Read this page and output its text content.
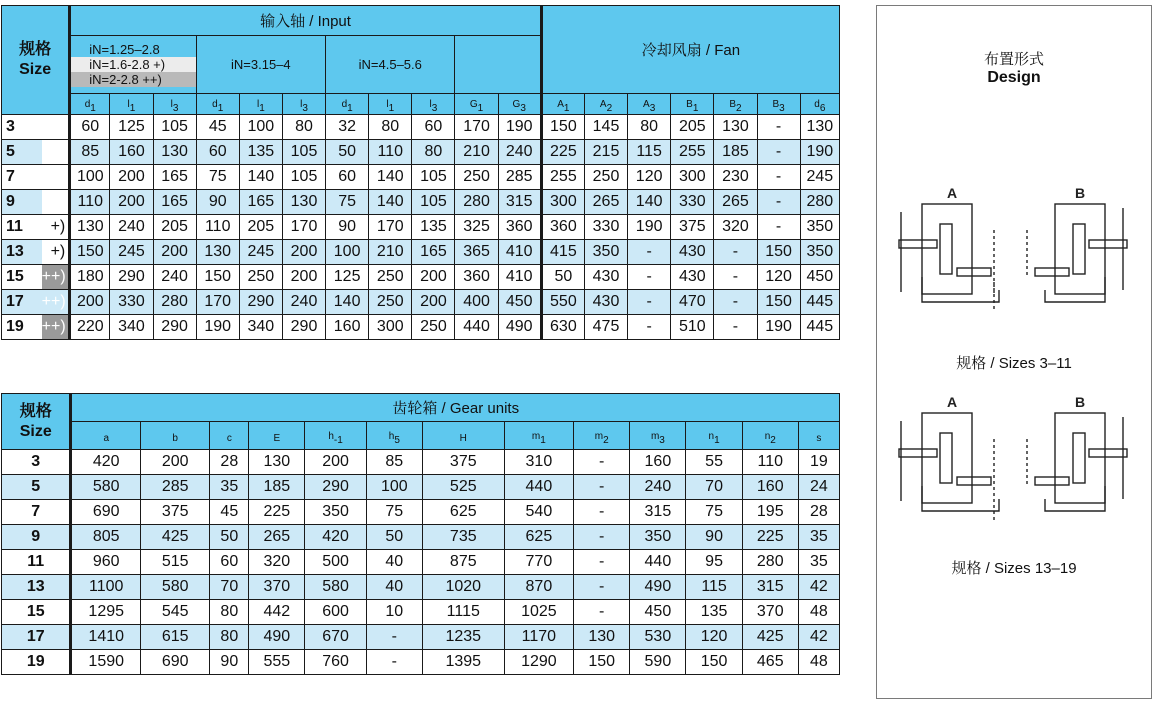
规格
Size		输入轴 / Input											冷却风扇 / Fan						

		iN=1.25–2.8
iN=1.6-2.8 +)
iN=2-2.8 ++)			iN=3.15–4			iN=4.5–5.6											
		$d_1$	$l_1$	$l_3$	$d_1$	$l_1$	$l_3$	$d_1$	$l_1$	$l_3$	$G_1$	$G_3$	$A_1$	$A_2$	$A_3$	$B_1$	$B_2$	$B_3$	$d_6$
3		60	125	105	45	100	80	32	80	60	170	190	150	145	80	205	130	-	130
5		85	160	130	60	135	105	50	110	80	210	240	225	215	115	255	185	-	190
7		100	200	165	75	140	105	60	140	105	250	285	255	250	120	300	230	-	245
9		110	200	165	90	165	130	75	140	105	280	315	300	265	140	330	265	-	280
11	+)	130	240	205	110	205	170	90	170	135	325	360	360	330	190	375	320	-	350
13	+)	150	245	200	130	245	200	100	210	165	365	410	415	350	-	430	-	150	350
15	++)	180	290	240	150	250	200	125	250	200	360	410	50	430	-	430	-	120	450
17	++)	200	330	280	170	290	240	140	250	200	400	450	550	430	-	470	-	150	445
19	++)	220	340	290	190	340	290	160	300	250	440	490	630	475	-	510	-	190	445
规格
Size	齿轮箱 / Gear units												
	a	b	c	E	$h_{-1}$	$h_5$	H	$m_1$	$m_2$	$m_3$	$n_1$	$n_2$	s
3	420	200	28	130	200	85	375	310	-	160	55	110	19
5	580	285	35	185	290	100	525	440	-	240	70	160	24
7	690	375	45	225	350	75	625	540	-	315	75	195	28
9	805	425	50	265	420	50	735	625	-	350	90	225	35
11	960	515	60	320	500	40	875	770	-	440	95	280	35
13	1100	580	70	370	580	40	1020	870	-	490	115	315	42
15	1295	545	80	442	600	10	1115	1025	-	450	135	370	48
17	1410	615	80	490	670	-	1235	1170	130	530	120	425	42
19	1590	690	90	555	760	-	1395	1290	150	590	150	465	48
布置形式
Design
A	B
规格 / Sizes 3–11
A	B
规格 / Sizes 13–19
